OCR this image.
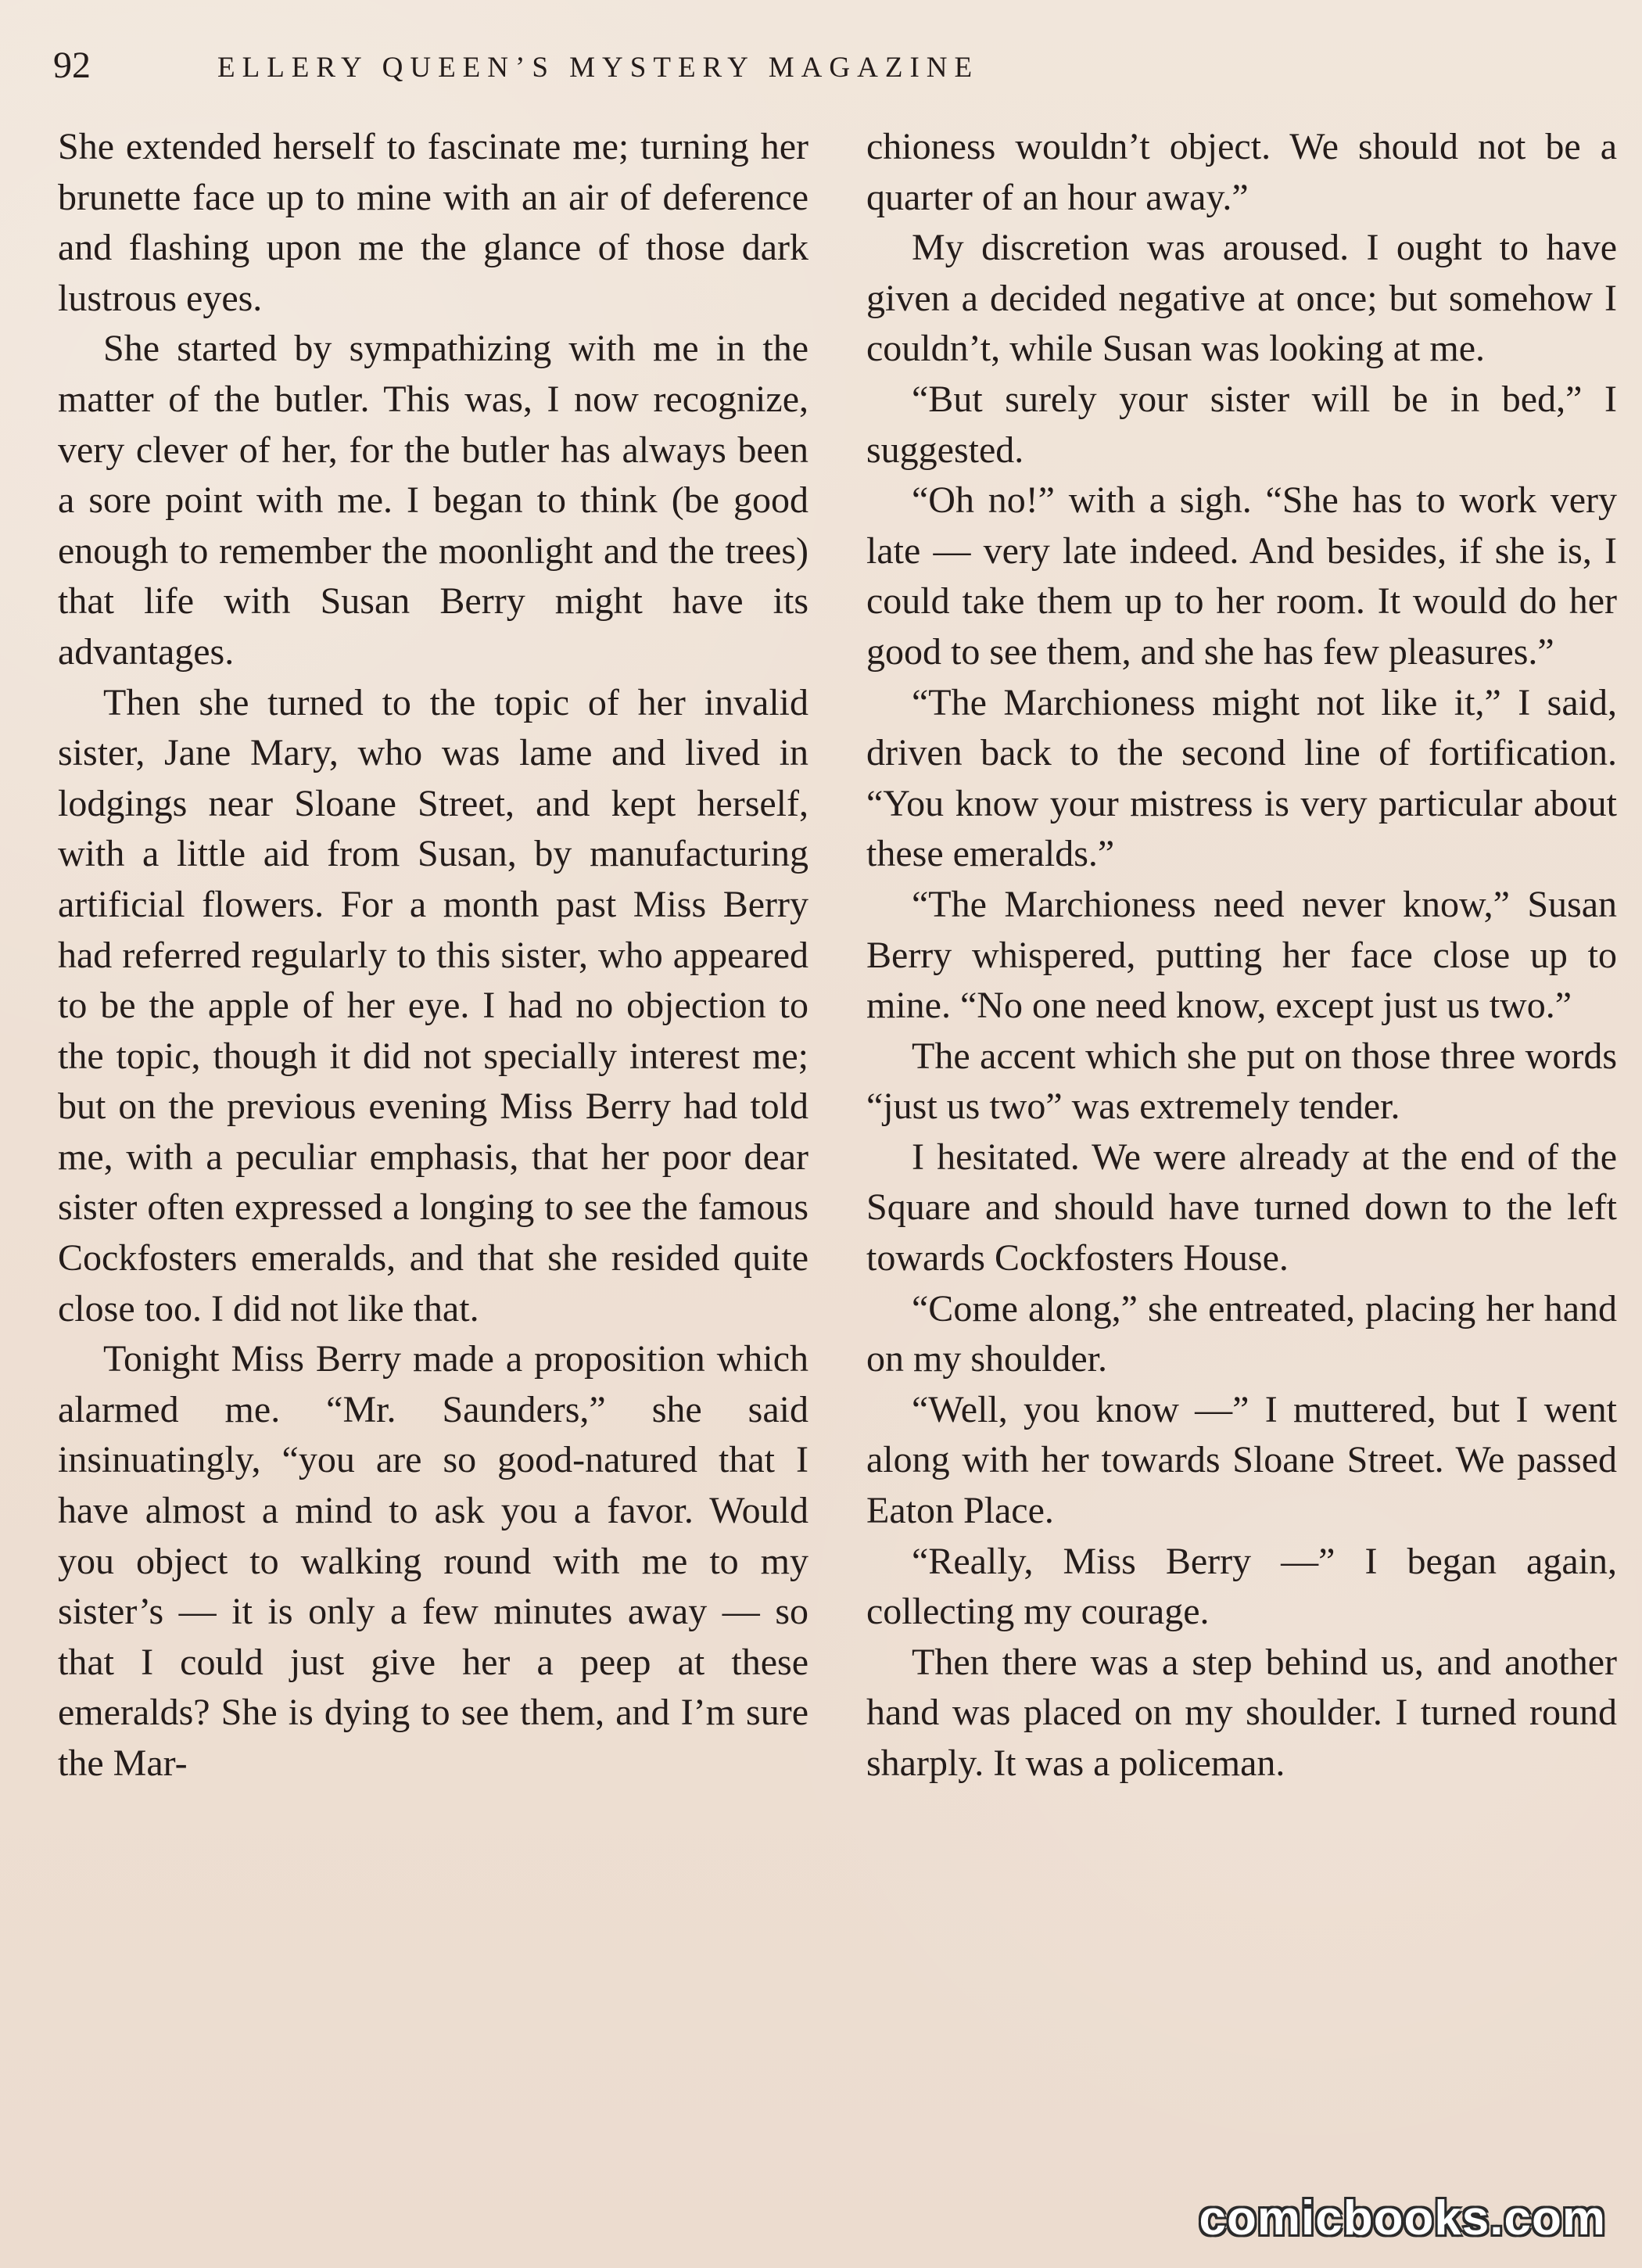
92	ELLERY QUEEN’S MYSTERY MAGAZINE

She extended herself to fascinate me; turning her brunette face up to mine with an air of deference and flashing upon me the glance of those dark lustrous eyes.

She started by sympathizing with me in the matter of the butler. This was, I now recognize, very clever of her, for the butler has always been a sore point with me. I began to think (be good enough to remember the moonlight and the trees) that life with Susan Berry might have its advantages.

Then she turned to the topic of her invalid sister, Jane Mary, who was lame and lived in lodgings near Sloane Street, and kept herself, with a little aid from Susan, by manufacturing artificial flowers. For a month past Miss Berry had referred regularly to this sister, who appeared to be the apple of her eye. I had no objection to the topic, though it did not specially interest me; but on the previous evening Miss Berry had told me, with a peculiar emphasis, that her poor dear sister often expressed a longing to see the famous Cockfosters emeralds, and that she resided quite close too. I did not like that.

Tonight Miss Berry made a proposition which alarmed me. “Mr. Saunders,” she said insinuatingly, “you are so good-natured that I have almost a mind to ask you a favor. Would you object to walking round with me to my sister’s — it is only a few minutes away — so that I could just give her a peep at these emeralds? She is dying to see them, and I’m sure the Mar-

chioness wouldn’t object. We should not be a quarter of an hour away.”

My discretion was aroused. I ought to have given a decided negative at once; but somehow I couldn’t, while Susan was looking at me.

“But surely your sister will be in bed,” I suggested.

“Oh no!” with a sigh. “She has to work very late — very late indeed. And besides, if she is, I could take them up to her room. It would do her good to see them, and she has few pleasures.”

“The Marchioness might not like it,” I said, driven back to the second line of fortification. “You know your mistress is very particular about these emeralds.”

“The Marchioness need never know,” Susan Berry whispered, putting her face close up to mine. “No one need know, except just us two.”

The accent which she put on those three words “just us two” was extremely tender.

I hesitated. We were already at the end of the Square and should have turned down to the left towards Cockfosters House.

“Come along,” she entreated, placing her hand on my shoulder.

“Well, you know —” I muttered, but I went along with her towards Sloane Street. We passed Eaton Place.

“Really, Miss Berry —” I began again, collecting my courage.

Then there was a step behind us, and another hand was placed on my shoulder. I turned round sharply. It was a policeman.

comicbooks.com
